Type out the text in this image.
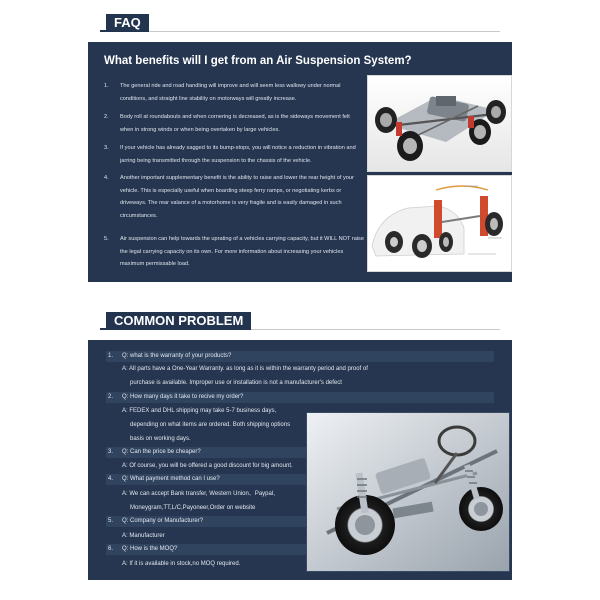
FAQ
What benefits will I get from an Air Suspension System?
1. The general ride and road handling will improve and will seem less wallowy under normal conditions, and straight line stability on motorways will greatly increase.
2. Body roll at roundabouts and when cornering is decreased, as is the sideways movement felt when in strong winds or when being overtaken by large vehicles.
3. If your vehicle has already sagged to its bump-stops, you will notice a reduction in vibration and jarring being transmitted through the suspension to the chassis of the vehicle.
4. Another important supplementary benefit is the ability to raise and lower the rear height of your vehicle. This is especially useful when boarding steep ferry ramps, or negotiating kerbs or driveways. The rear valance of a motorhome is very fragile and is easily damaged in such circumstances.
5. Air suspension can help towards the uprating of a vehicles carrying capacity, but it WILL NOT raise the legal carrying capacity on its own. For more information about increasing your vehicles maximum permissable load.
COMMON PROBLEM
1. Q: what is the warranty of your products?
A: All parts have a One-Year Warranty. as long as it is within the warranty period and proof of
purchase is available. Improper use or installation is not a manufacturer's defect
2. Q: How many days it take to recive my order?
A: FEDEX and DHL shipping may take 5-7 business days,
depending on what items are ordered. Both shipping options
basis on working days.
3. Q: Can the price be cheaper?
A: Of course, you will be offered a good discount for big amount.
4. Q: What payment method can I use?
A: We can accept Bank transfer, Western Union、Paypal、
Moneygram,TT,L/C,Payoneer,Order on website
5. Q: Company or Manufacturer?
A: Manufacturer
6. Q: How is the MOQ?
A: If it is available in stock,no MOQ required.
